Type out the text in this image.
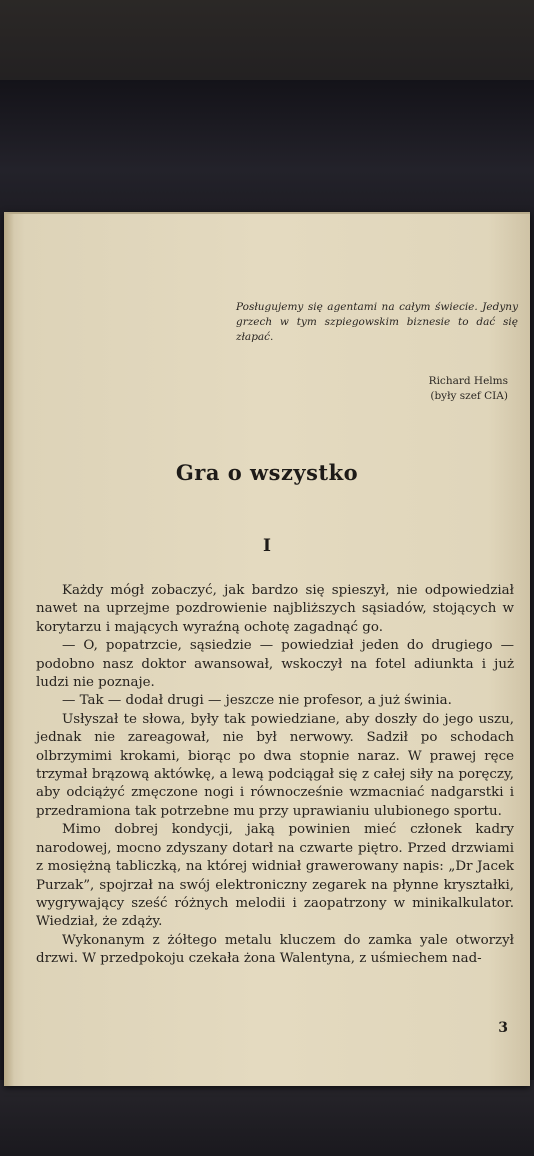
Posługujemy się agentami na całym świecie. Jedyny grzech w tym szpiegowskim biznesie to dać się złapać.
Richard Helms
(były szef CIA)
Gra o wszystko
I

Każdy mógł zobaczyć, jak bardzo się spieszył, nie odpowiedział nawet na uprzejme pozdrowienie najbliższych sąsiadów, stojących w korytarzu i mających wyraźną ochotę zagadnąć go.

— O, popatrzcie, sąsiedzie — powiedział jeden do drugiego — podobno nasz doktor awansował, wskoczył na fotel adiunkta i już ludzi nie poznaje.

— Tak — dodał drugi — jeszcze nie profesor, a już świnia.

Usłyszał te słowa, były tak powiedziane, aby doszły do jego uszu, jednak nie zareagował, nie był nerwowy. Sadził po schodach olbrzymimi krokami, biorąc po dwa stopnie naraz. W prawej ręce trzymał brązową aktówkę, a lewą podciągał się z całej siły na poręczy, aby odciążyć zmęczone nogi i równocześnie wzmacniać nadgarstki i przedramiona tak potrzebne mu przy uprawianiu ulubionego sportu.

Mimo dobrej kondycji, jaką powinien mieć członek kadry narodowej, mocno zdyszany dotarł na czwarte piętro. Przed drzwiami z mosiężną tabliczką, na której widniał grawerowany napis: „Dr Jacek Purzak”, spojrzał na swój elektroniczny zegarek na płynne kryształki, wygrywający sześć różnych melodii i zaopatrzony w minikalkulator. Wiedział, że zdąży.

Wykonanym z żółtego metalu kluczem do zamka yale otworzył drzwi. W przedpokoju czekała żona Walentyna, z uśmiechem nad-

3
